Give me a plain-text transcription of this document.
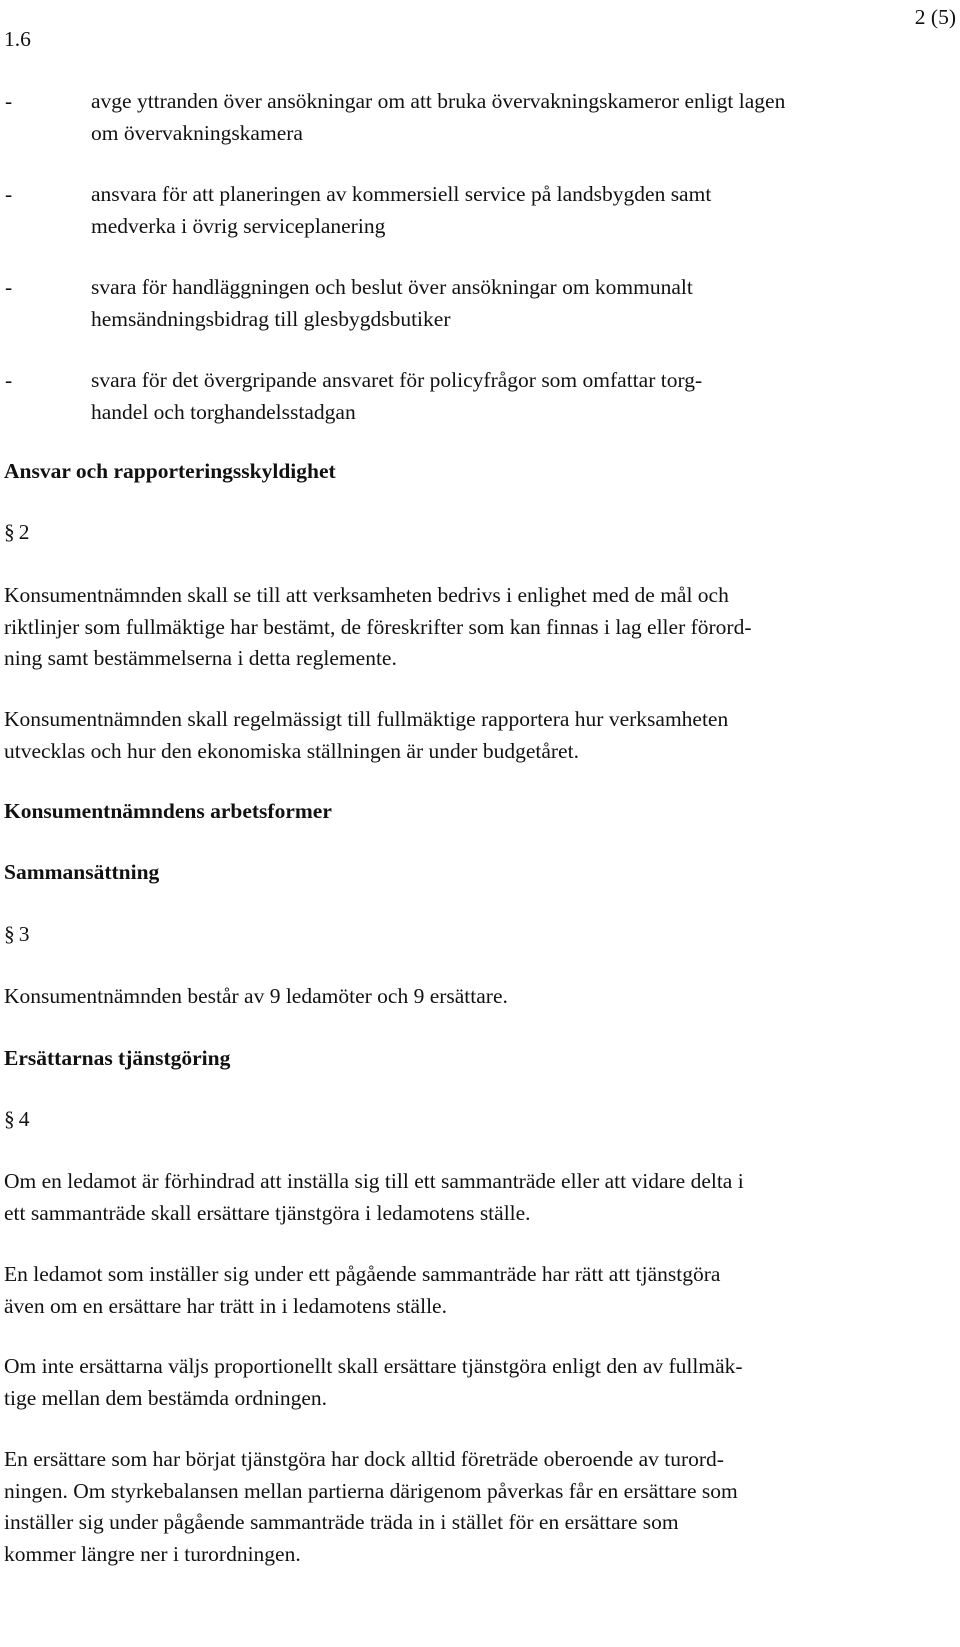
1.6
2 (5)
-	avge yttranden över ansökningar om att bruka övervakningskameror enligt lagen
om övervakningskamera
-	ansvara för att planeringen av kommersiell service på landsbygden samt
medverka i övrig serviceplanering
-	svara för handläggningen och beslut över ansökningar om kommunalt
hemsändningsbidrag till glesbygdsbutiker
-	svara för det övergripande ansvaret för policyfrågor som omfattar torg-
handel och torghandelsstadgan
Ansvar och rapporteringsskyldighet
§ 2

Konsumentnämnden skall se till att verksamheten bedrivs i enlighet med de mål och
riktlinjer som fullmäktige har bestämt, de föreskrifter som kan finnas i lag eller förord-
ning samt bestämmelserna i detta reglemente.

Konsumentnämnden skall regelmässigt till fullmäktige rapportera hur verksamheten
utvecklas och hur den ekonomiska ställningen är under budgetåret.

Konsumentnämndens arbetsformer
Sammansättning
§ 3

Konsumentnämnden består av 9 ledamöter och 9 ersättare.

Ersättarnas tjänstgöring
§ 4

Om en ledamot är förhindrad att inställa sig till ett sammanträde eller att vidare delta i
ett sammanträde skall ersättare tjänstgöra i ledamotens ställe.

En ledamot som inställer sig under ett pågående sammanträde har rätt att tjänstgöra
även om en ersättare har trätt in i ledamotens ställe.

Om inte ersättarna väljs proportionellt skall ersättare tjänstgöra enligt den av fullmäk-
tige mellan dem bestämda ordningen.

En ersättare som har börjat tjänstgöra har dock alltid företräde oberoende av turord-
ningen. Om styrkebalansen mellan partierna därigenom påverkas får en ersättare som
inställer sig under pågående sammanträde träda in i stället för en ersättare som
kommer längre ner i turordningen.
